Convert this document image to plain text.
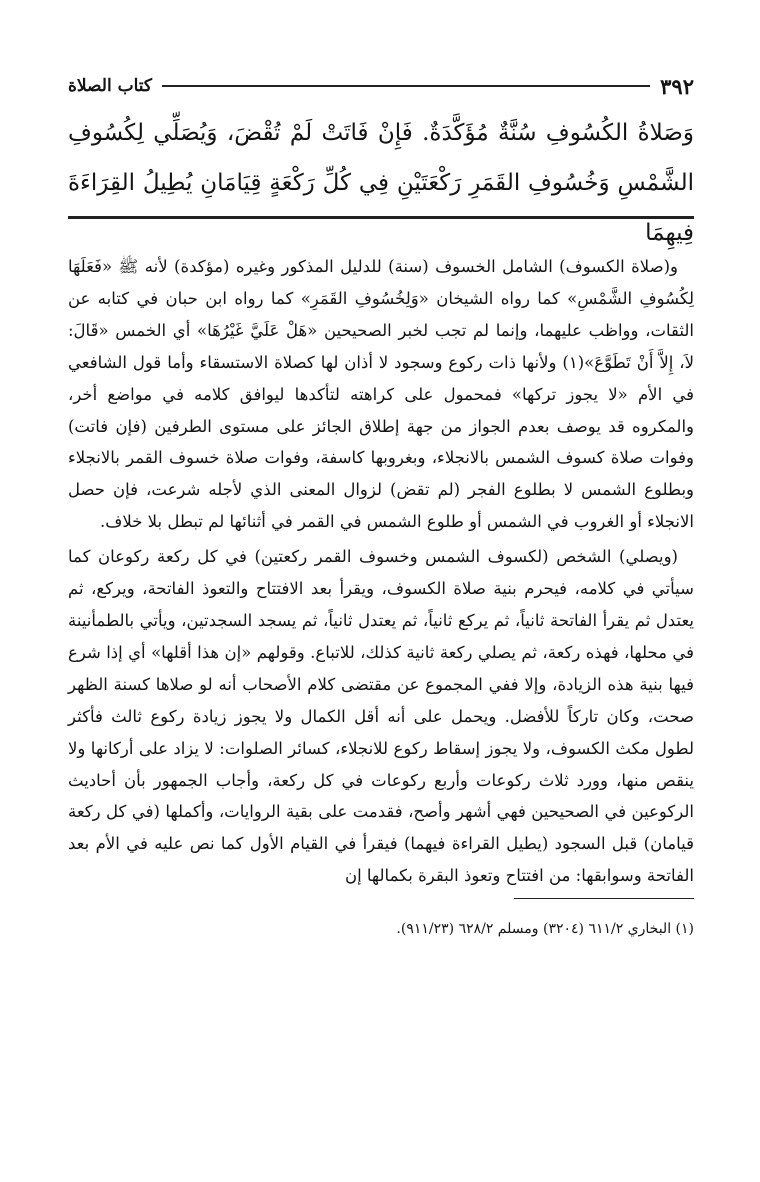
٣٩٢
كتاب الصلاة
وَصَلاةُ الكُسُوفِ سُنَّةٌ مُؤَكَّدَةٌ. فَإِنْ فَاتَتْ لَمْ تُقْضَ، وَيُصَلِّي لِكُسُوفِ الشَّمْسِ وَخُسُوفِ القَمَرِ رَكْعَتَيْنِ فِي كُلِّ رَكْعَةٍ قِيَامَانِ يُطِيلُ القِرَاءَةَ فِيهِمَا

و(صلاة الكسوف) الشامل الخسوف (سنة) للدليل المذكور وغيره (مؤكدة) لأنه ﷺ «فَعَلَهَا لِكُسُوفِ الشَّمْسِ» كما رواه الشيخان «وَلِخُسُوفِ القَمَرِ» كما رواه ابن حبان في كتابه عن الثقات، وواظب عليهما، وإنما لم تجب لخبر الصحيحين «هَلْ عَلَيَّ غَيْرُهَا» أي الخمس «قَالَ: لاَ، إِلاَّ أَنْ تَطَوَّعَ»(١) ولأنها ذات ركوع وسجود لا أذان لها كصلاة الاستسقاء وأما قول الشافعي في الأم «لا يجوز تركها» فمحمول على كراهته لتأكدها ليوافق كلامه في مواضع أخر، والمكروه قد يوصف بعدم الجواز من جهة إطلاق الجائز على مستوى الطرفين (فإن فاتت) وفوات صلاة كسوف الشمس بالانجلاء، وبغروبها كاسفة، وفوات صلاة خسوف القمر بالانجلاء وبطلوع الشمس لا بطلوع الفجر (لم تقض) لزوال المعنى الذي لأجله شرعت، فإن حصل الانجلاء أو الغروب في الشمس أو طلوع الشمس في القمر في أثنائها لم تبطل بلا خلاف.

(ويصلي) الشخص (لكسوف الشمس وخسوف القمر ركعتين) في كل ركعة ركوعان كما سيأتي في كلامه، فيحرم بنية صلاة الكسوف، ويقرأ بعد الافتتاح والتعوذ الفاتحة، ويركع، ثم يعتدل ثم يقرأ الفاتحة ثانياً، ثم يركع ثانياً، ثم يعتدل ثانياً، ثم يسجد السجدتين، ويأتي بالطمأنينة في محلها، فهذه ركعة، ثم يصلي ركعة ثانية كذلك، للاتباع. وقولهم «إن هذا أقلها» أي إذا شرع فيها بنية هذه الزيادة، وإلا ففي المجموع عن مقتضى كلام الأصحاب أنه لو صلاها كسنة الظهر صحت، وكان تاركاً للأفضل. ويحمل على أنه أقل الكمال ولا يجوز زيادة ركوع ثالث فأكثر لطول مكث الكسوف، ولا يجوز إسقاط ركوع للانجلاء، كسائر الصلوات: لا يزاد على أركانها ولا ينقص منها، وورد ثلاث ركوعات وأربع ركوعات في كل ركعة، وأجاب الجمهور بأن أحاديث الركوعين في الصحيحين فهي أشهر وأصح، فقدمت على بقية الروايات، وأكملها (في كل ركعة قيامان) قبل السجود (يطيل القراءة فيهما) فيقرأ في القيام الأول كما نص عليه في الأم بعد الفاتحة وسوابقها: من افتتاح وتعوذ البقرة بكمالها إن

(١) البخاري ٦١١/٢ (٣٢٠٤) ومسلم ٦٢٨/٢ (٩١١/٢٣).
